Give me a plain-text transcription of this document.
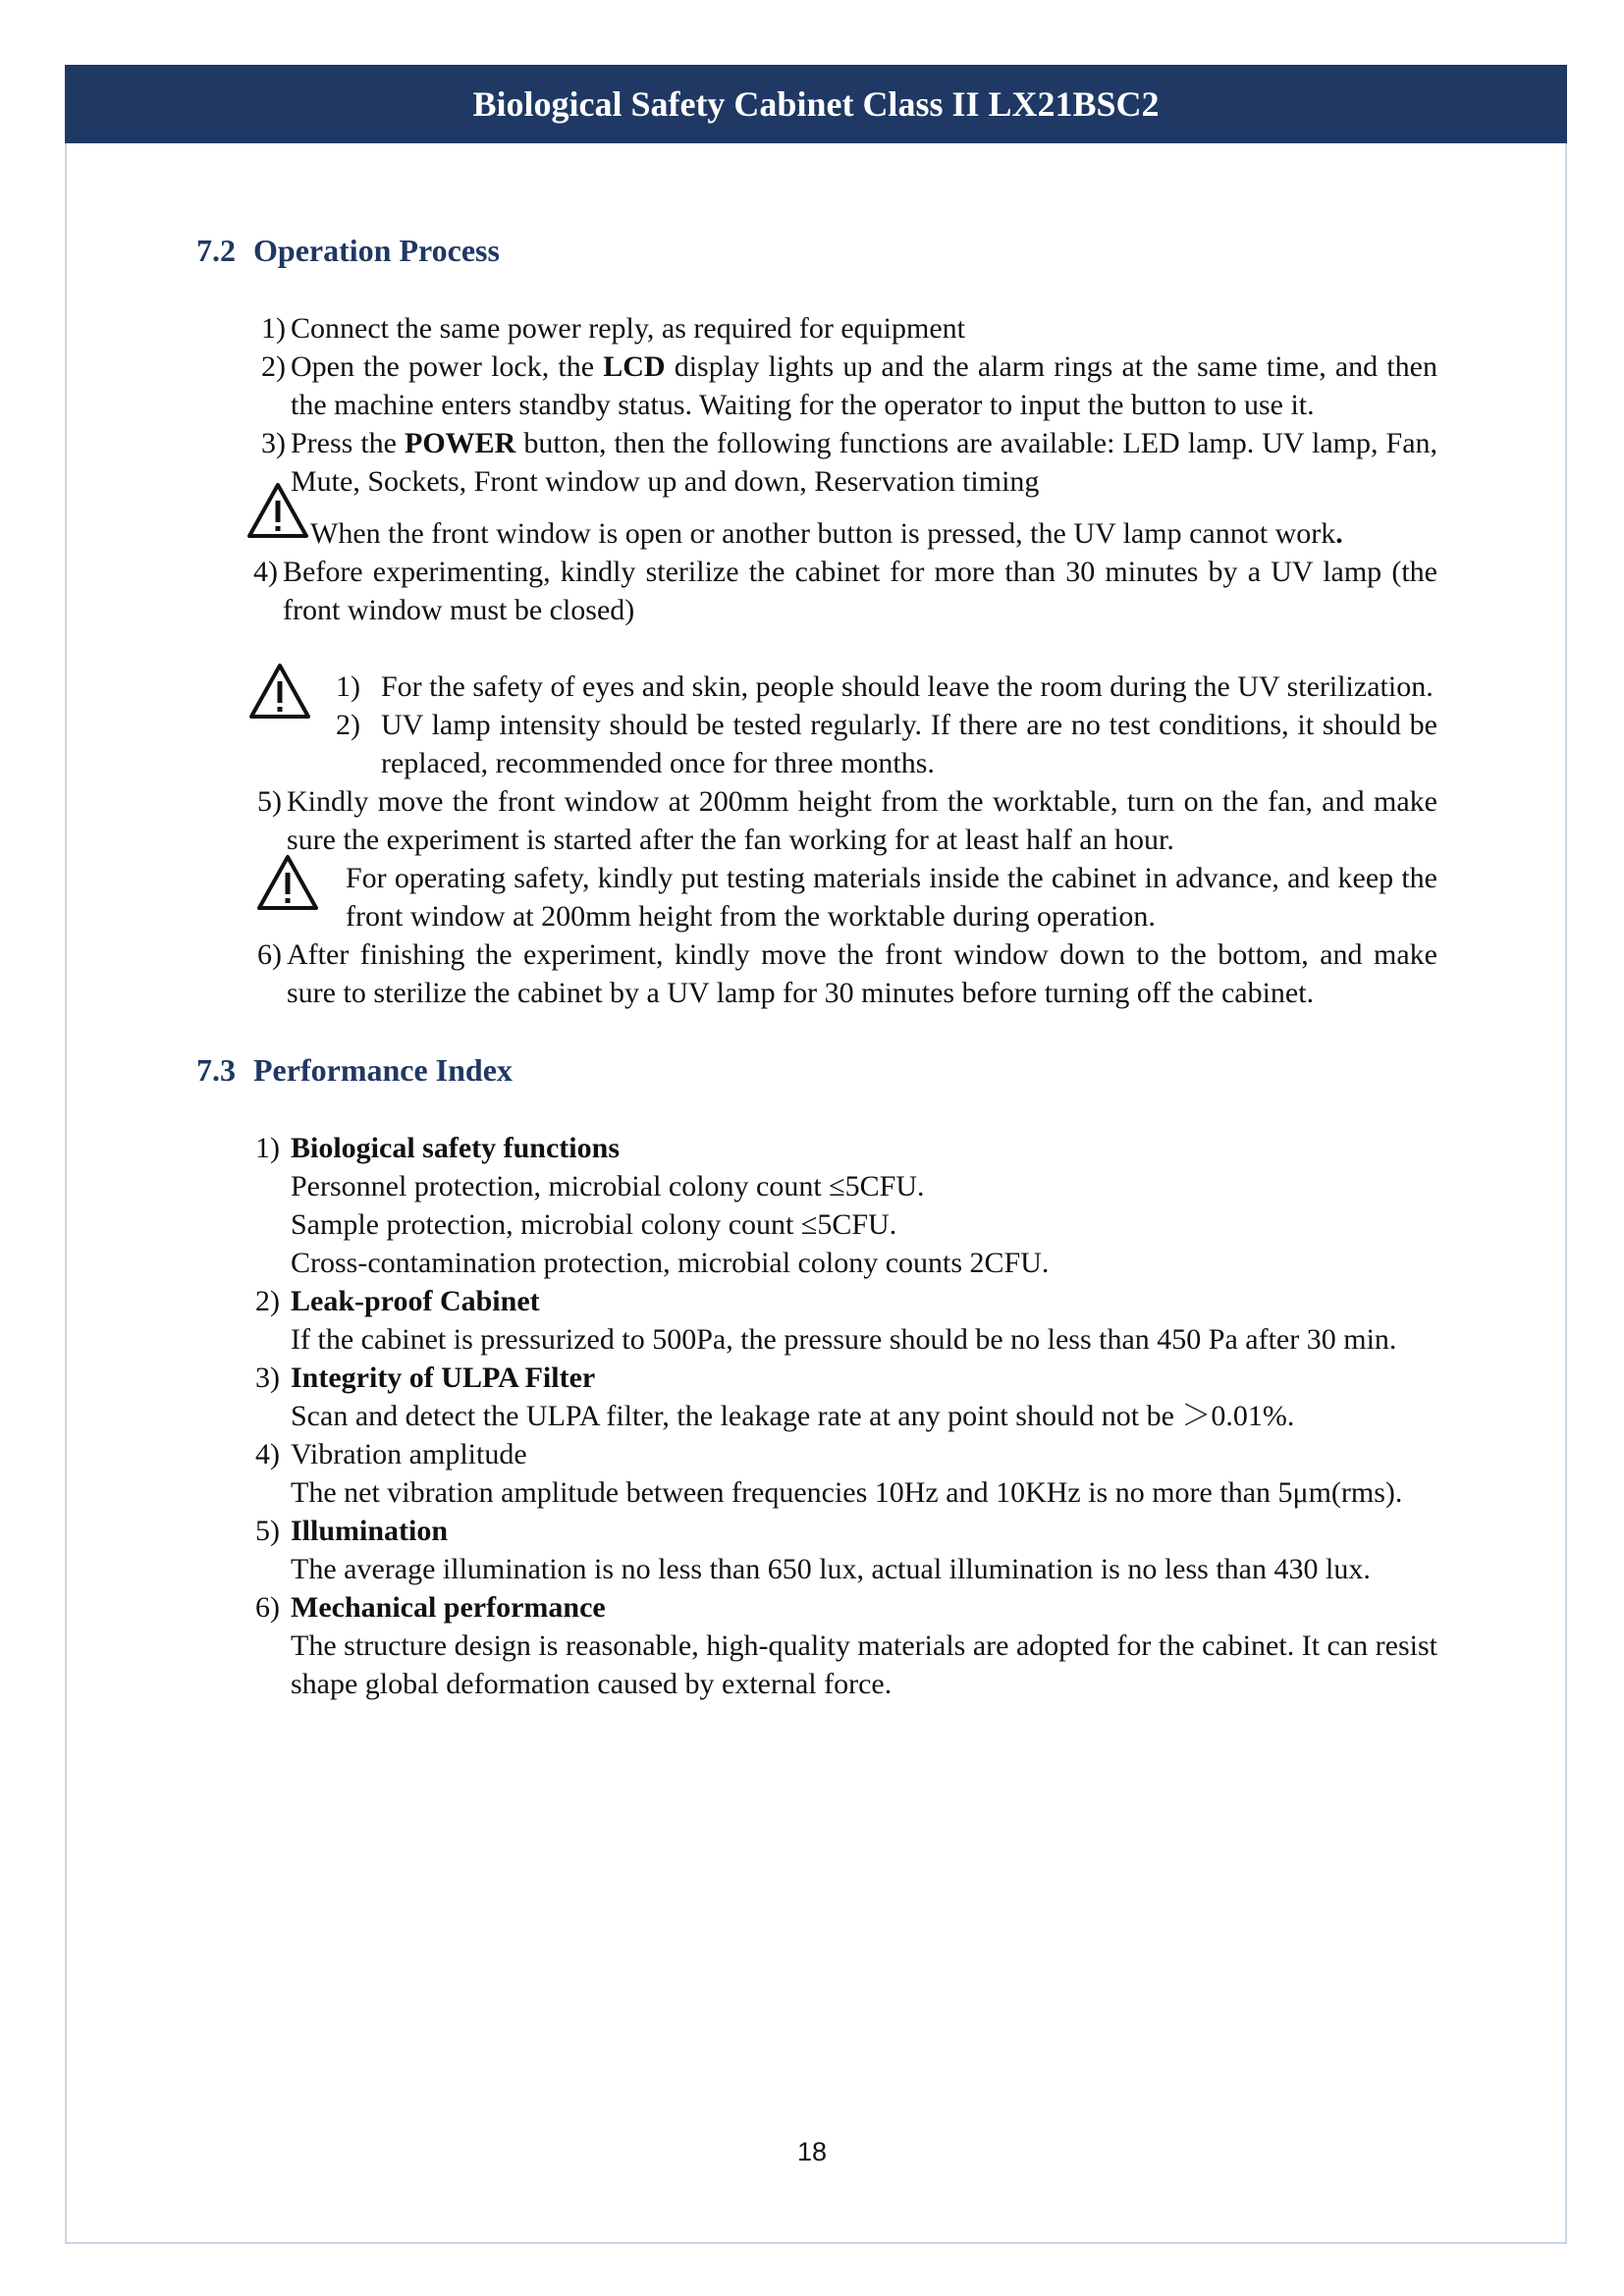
Biological Safety Cabinet Class II LX21BSC2
7.2 Operation Process

1) Connect the same power reply, as required for equipment

2) Open the power lock, the LCD display lights up and the alarm rings at the same time, and then the machine enters standby status. Waiting for the operator to input the button to use it.

3) Press the POWER button, then the following functions are available: LED lamp. UV lamp, Fan, Mute, Sockets, Front window up and down, Reservation timing

When the front window is open or another button is pressed, the UV lamp cannot work.

4) Before experimenting, kindly sterilize the cabinet for more than 30 minutes by a UV lamp (the front window must be closed)

1) For the safety of eyes and skin, people should leave the room during the UV sterilization.

2) UV lamp intensity should be tested regularly. If there are no test conditions, it should be replaced, recommended once for three months.

5) Kindly move the front window at 200mm height from the worktable, turn on the fan, and make sure the experiment is started after the fan working for at least half an hour.

For operating safety, kindly put testing materials inside the cabinet in advance, and keep the front window at 200mm height from the worktable during operation.

6) After finishing the experiment, kindly move the front window down to the bottom, and make sure to sterilize the cabinet by a UV lamp for 30 minutes before turning off the cabinet.

7.3 Performance Index
1) Biological safety functions

Personnel protection, microbial colony count ≤5CFU.

Sample protection, microbial colony count ≤5CFU.

Cross-contamination protection, microbial colony counts 2CFU.

2) Leak-proof Cabinet

If the cabinet is pressurized to 500Pa, the pressure should be no less than 450 Pa after 30 min.

3) Integrity of ULPA Filter

Scan and detect the ULPA filter, the leakage rate at any point should not be ＞0.01%.

4) Vibration amplitude

The net vibration amplitude between frequencies 10Hz and 10KHz is no more than 5μm(rms).

5) Illumination

The average illumination is no less than 650 lux, actual illumination is no less than 430 lux.

6) Mechanical performance

The structure design is reasonable, high-quality materials are adopted for the cabinet. It can resist shape global deformation caused by external force.

18
